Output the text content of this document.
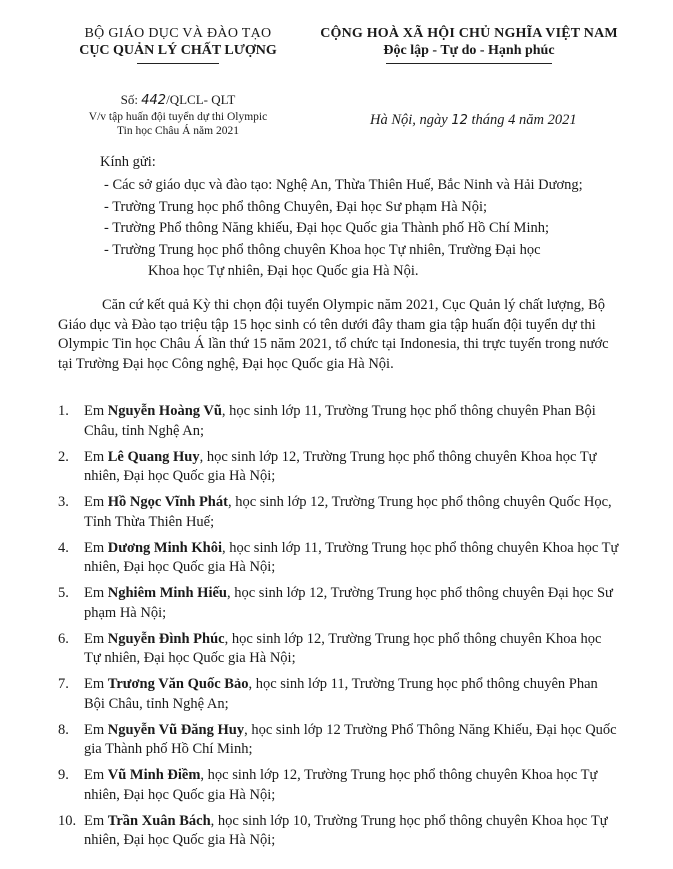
BỘ GIÁO DỤC VÀ ĐÀO TẠO
CỤC QUẢN LÝ CHẤT LƯỢNG
CỘNG HOÀ XÃ HỘI CHỦ NGHĨA VIỆT NAM
Độc lập - Tự do - Hạnh phúc
Số: 442/QLCL- QLT
V/v tập huấn đội tuyển dự thi Olympic
Tin học Châu Á năm 2021
Hà Nội, ngày 12 tháng 4 năm 2021
Kính gửi:
- Các sở giáo dục và đào tạo: Nghệ An, Thừa Thiên Huế, Bắc Ninh và Hải Dương;
- Trường Trung học phổ thông Chuyên, Đại học Sư phạm Hà Nội;
- Trường Phổ thông Năng khiếu, Đại học Quốc gia Thành phố Hồ Chí Minh;
- Trường Trung học phổ thông chuyên Khoa học Tự nhiên, Trường Đại học
Khoa học Tự nhiên, Đại học Quốc gia Hà Nội.

Căn cứ kết quả Kỳ thi chọn đội tuyển Olympic năm 2021, Cục Quản lý chất lượng, Bộ Giáo dục và Đào tạo triệu tập 15 học sinh có tên dưới đây tham gia tập huấn đội tuyển dự thi Olympic Tin học Châu Á lần thứ 15 năm 2021, tổ chức tại Indonesia, thi trực tuyến trong nước tại Trường Đại học Công nghệ, Đại học Quốc gia Hà Nội.

1.	Em Nguyễn Hoàng Vũ, học sinh lớp 11, Trường Trung học phổ thông chuyên Phan Bội Châu, tỉnh Nghệ An;
2.	Em Lê Quang Huy, học sinh lớp 12, Trường Trung học phổ thông chuyên Khoa học Tự nhiên, Đại học Quốc gia Hà Nội;
3.	Em Hồ Ngọc Vĩnh Phát, học sinh lớp 12, Trường Trung học phổ thông chuyên Quốc Học, Tỉnh Thừa Thiên Huế;
4.	Em Dương Minh Khôi, học sinh lớp 11, Trường Trung học phổ thông chuyên Khoa học Tự nhiên, Đại học Quốc gia Hà Nội;
5.	Em Nghiêm Minh Hiếu, học sinh lớp 12, Trường Trung học phổ thông chuyên Đại học Sư phạm Hà Nội;
6.	Em Nguyễn Đình Phúc, học sinh lớp 12, Trường Trung học phổ thông chuyên Khoa học Tự nhiên, Đại học Quốc gia Hà Nội;
7.	Em Trương Văn Quốc Bảo, học sinh lớp 11, Trường Trung học phổ thông chuyên Phan Bội Châu, tỉnh Nghệ An;
8.	Em Nguyễn Vũ Đăng Huy, học sinh lớp 12 Trường Phổ Thông Năng Khiếu, Đại học Quốc gia Thành phố Hồ Chí Minh;
9.	Em Vũ Minh Điềm, học sinh lớp 12, Trường Trung học phổ thông chuyên Khoa học Tự nhiên, Đại học Quốc gia Hà Nội;
10. Em Trần Xuân Bách, học sinh lớp 10, Trường Trung học phổ thông chuyên Khoa học Tự nhiên, Đại học Quốc gia Hà Nội;
